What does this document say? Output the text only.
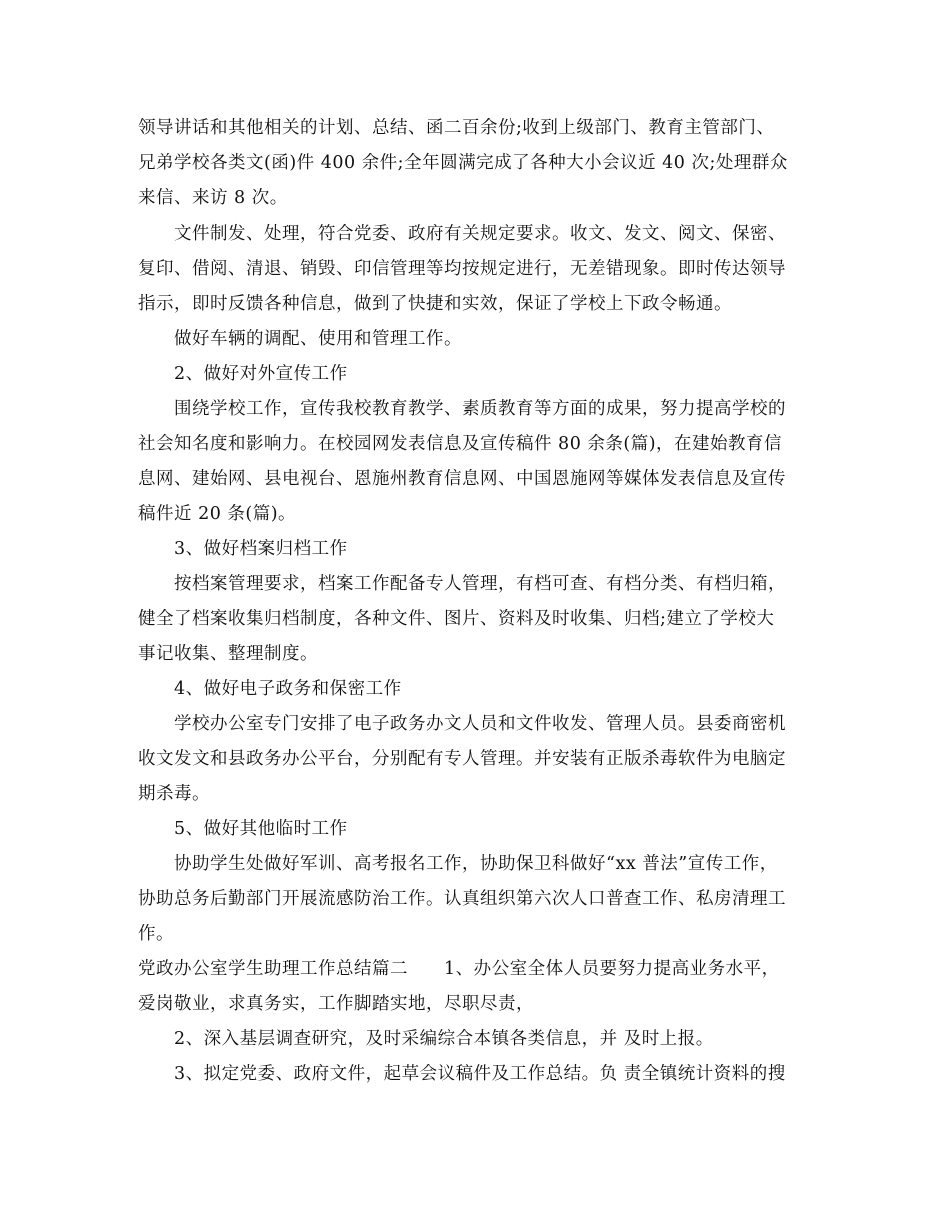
领导讲话和其他相关的计划、总结、函二百余份;收到上级部门、教育主管部门、
兄弟学校各类文(函)件 400 余件;全年圆满完成了各种大小会议近 40 次;处理群众
来信、来访 8 次。
文件制发、处理，符合党委、政府有关规定要求。收文、发文、阅文、保密、
复印、借阅、清退、销毁、印信管理等均按规定进行，无差错现象。即时传达领导
指示，即时反馈各种信息，做到了快捷和实效，保证了学校上下政令畅通。
做好车辆的调配、使用和管理工作。
2、做好对外宣传工作
围绕学校工作，宣传我校教育教学、素质教育等方面的成果，努力提高学校的
社会知名度和影响力。在校园网发表信息及宣传稿件 80 余条(篇)，在建始教育信
息网、建始网、县电视台、恩施州教育信息网、中国恩施网等媒体发表信息及宣传
稿件近 20 条(篇)。
3、做好档案归档工作
按档案管理要求，档案工作配备专人管理，有档可查、有档分类、有档归箱，
健全了档案收集归档制度，各种文件、图片、资料及时收集、归档;建立了学校大
事记收集、整理制度。
4、做好电子政务和保密工作
学校办公室专门安排了电子政务办文人员和文件收发、管理人员。县委商密机
收文发文和县政务办公平台，分别配有专人管理。并安装有正版杀毒软件为电脑定
期杀毒。
5、做好其他临时工作
协助学生处做好军训、高考报名工作，协助保卫科做好“xx 普法”宣传工作，
协助总务后勤部门开展流感防治工作。认真组织第六次人口普查工作、私房清理工
作。
党政办公室学生助理工作总结篇二　　1、办公室全体人员要努力提高业务水平，
爱岗敬业，求真务实，工作脚踏实地，尽职尽责，
2、深入基层调查研究，及时采编综合本镇各类信息，并 及时上报。
3、拟定党委、政府文件，起草会议稿件及工作总结。负 责全镇统计资料的搜
